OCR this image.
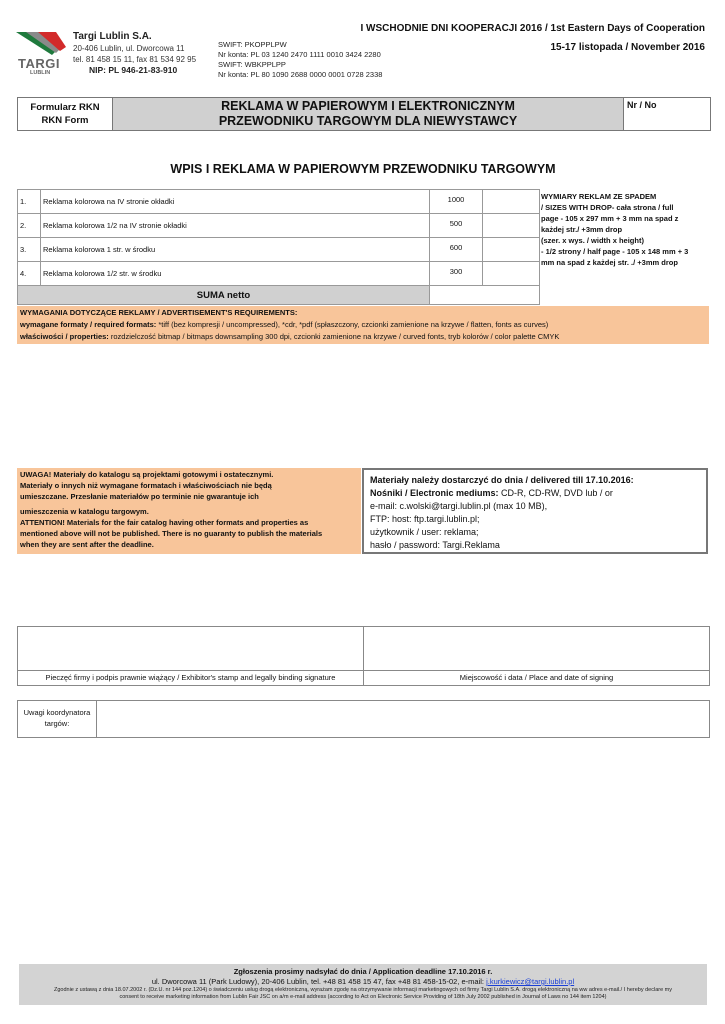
TARGI
LUBLIN
Targi Lublin S.A.
20-406 Lublin, ul. Dworcowa 11
tel. 81 458 15 11, fax 81 534 92 95
NIP: PL 946-21-83-910
SWIFT: PKOPPLPW
Nr konta: PL 03 1240 2470 1111 0010 3424 2280
SWIFT: WBKPPLPP
Nr konta: PL 80 1090 2688 0000 0001 0728 2338
I WSCHODNIE DNI KOOPERACJI 2016 / 1st Eastern Days of Cooperation
15-17 listopada / November 2016
Formularz RKN
RKN Form
REKLAMA W PAPIEROWYM I ELEKTRONICZNYM
PRZEWODNIKU TARGOWYM DLA NIEWYSTAWCY
Nr / No
WPIS I REKLAMA W PAPIEROWYM PRZEWODNIKU TARGOWYM
1.	Reklama kolorowa na IV stronie okładki	1000	
2.	Reklama kolorowa 1/2 na IV stronie okładki	500	
3.	Reklama kolorowa 1 str. w środku	600	
4.	Reklama kolorowa 1/2 str. w środku	300	
SUMA netto			
WYMIARY REKLAM ZE SPADEM
/ SIZES WITH DROP- cała strona / full
page - 105 x 297 mm + 3 mm na spad z
każdej str./ +3mm drop
(szer. x wys. / width x height)
- 1/2 strony / half page - 105 x 148 mm + 3
mm na spad z każdej str. ./ +3mm drop
WYMAGANIA DOTYCZĄCE REKLAMY / ADVERTISEMENT'S REQUIREMENTS:
wymagane formaty / required formats: *tiff (bez kompresji / uncompressed), *cdr, *pdf (spłaszczony, czcionki zamienione na krzywe / flatten, fonts as curves)
właściwości / properties: rozdzielczość bitmap / bitmaps downsampling 300 dpi, czcionki zamienione na krzywe / curved fonts, tryb kolorów / color palette CMYK
UWAGA! Materiały do katalogu są projektami gotowymi i ostatecznymi.
Materiały o innych niż wymagane formatach i właściwościach nie będą
umieszczane. Przesłanie materiałów po terminie nie gwarantuje ich
umieszczenia w katalogu targowym.
ATTENTION! Materials for the fair catalog having other formats and properties as
mentioned above will not be published. There is no guaranty to publish the materials
when they are sent after the deadline.
Materiały należy dostarczyć do dnia / delivered till 17.10.2016:
Nośniki / Electronic mediums: CD-R, CD-RW, DVD lub / or
e-mail: c.wolski@targi.lublin.pl (max 10 MB),
FTP: host: ftp.targi.lublin.pl;
użytkownik / user: reklama;
hasło / password: Targi.Reklama
Pieczęć firmy i podpis prawnie wiążący / Exhibitor's stamp and legally binding signature	Miejscowość i data / Place and date of signing
Uwagi koordynatora
targów:
Zgłoszenia prosimy nadsyłać do dnia / Application deadline 17.10.2016 r.
ul. Dworcowa 11 (Park Ludowy), 20-406 Lublin, tel. +48 81 458 15 47, fax +48 81 458-15-02, e-mail: j.kurkiewicz@targi.lublin.pl
Zgodnie z ustawą z dnia 18.07.2002 r. (Dz.U. nr 144 poz.1204) o świadczeniu usług drogą elektroniczną, wyrażam zgodę na otrzymywanie informacji marketingowych od firmy Targi Lublin S.A. drogą elektroniczną na ww adres e-mail./ I hereby declare my
consent to receive marketing information from Lublin Fair JSC on a/m e-mail address (according to Act on Electronic Service Providing of 18th July 2002 published in Journal of Laws no 144 item 1204)
